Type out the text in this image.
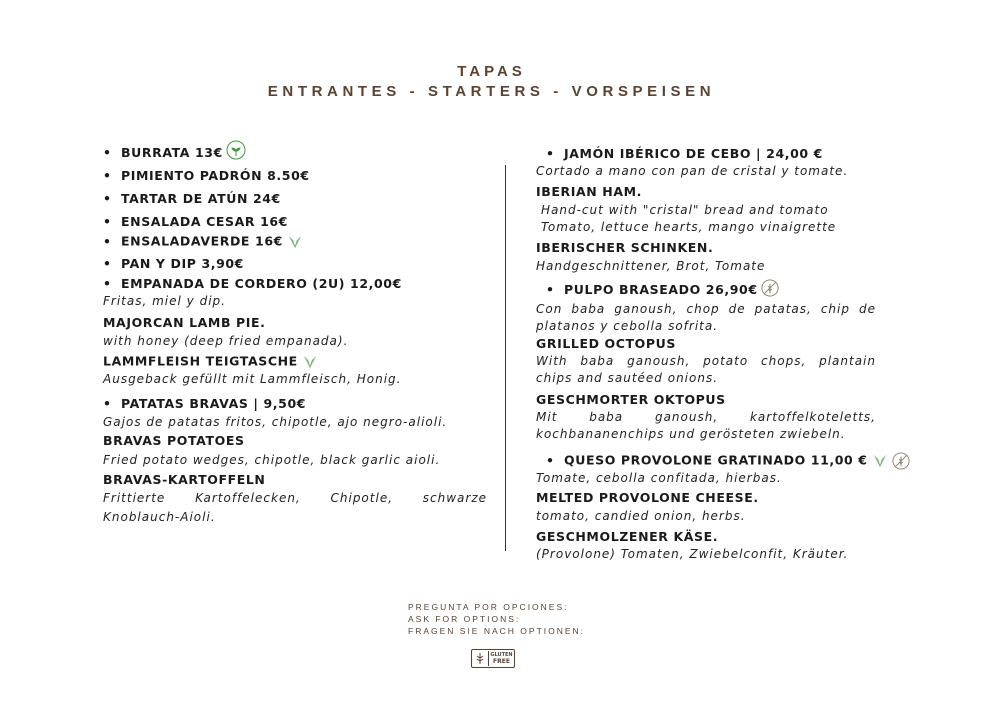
TAPAS
ENTRANTES - STARTERS - VORSPEISEN
• BURRATA 13€
• PIMIENTO PADRÓN 8.50€
• TARTAR DE ATÚN 24€
• ENSALADA CESAR 16€
• ENSALADAVERDE 16€
• PAN Y DIP 3,90€
• EMPANADA DE CORDERO (2U) 12,00€
Fritas, miel y dip.
MAJORCAN LAMB PIE.
with honey (deep fried empanada).
LAMMFLEISH TEIGTASCHE
Ausgeback gefüllt mit Lammfleisch, Honig.
• PATATAS BRAVAS | 9,50€
Gajos de patatas fritos, chipotle, ajo negro-alioli.
BRAVAS POTATOES
Fried potato wedges, chipotle, black garlic aioli.
BRAVAS-KARTOFFELN
Frittierte Kartoffelecken, Chipotle, schwarze
Knoblauch-Aioli.
• JAMÓN IBÉRICO DE CEBO | 24,00 €
Cortado a mano con pan de cristal y tomate.
IBERIAN HAM.
Hand-cut with "cristal" bread and tomato
Tomato, lettuce hearts, mango vinaigrette
IBERISCHER SCHINKEN.
Handgeschnittener, Brot, Tomate
• PULPO BRASEADO 26,90€
Con baba ganoush, chop de patatas, chip de
platanos y cebolla sofrita.
GRILLED OCTOPUS
With baba ganoush, potato chops, plantain
chips and sautéed onions.
GESCHMORTER OKTOPUS
Mit baba ganoush, kartoffelkoteletts,
kochbananenchips und gerösteten zwiebeln.
• QUESO PROVOLONE GRATINADO 11,00 €
Tomate, cebolla confitada, hierbas.
MELTED PROVOLONE CHEESE.
tomato, candied onion, herbs.
GESCHMOLZENER KÄSE.
(Provolone) Tomaten, Zwiebelconfit, Kräuter.
PREGUNTA POR OPCIONES:
ASK FOR OPTIONS:
FRAGEN SIE NACH OPTIONEN:
GLUTEN
FREE
